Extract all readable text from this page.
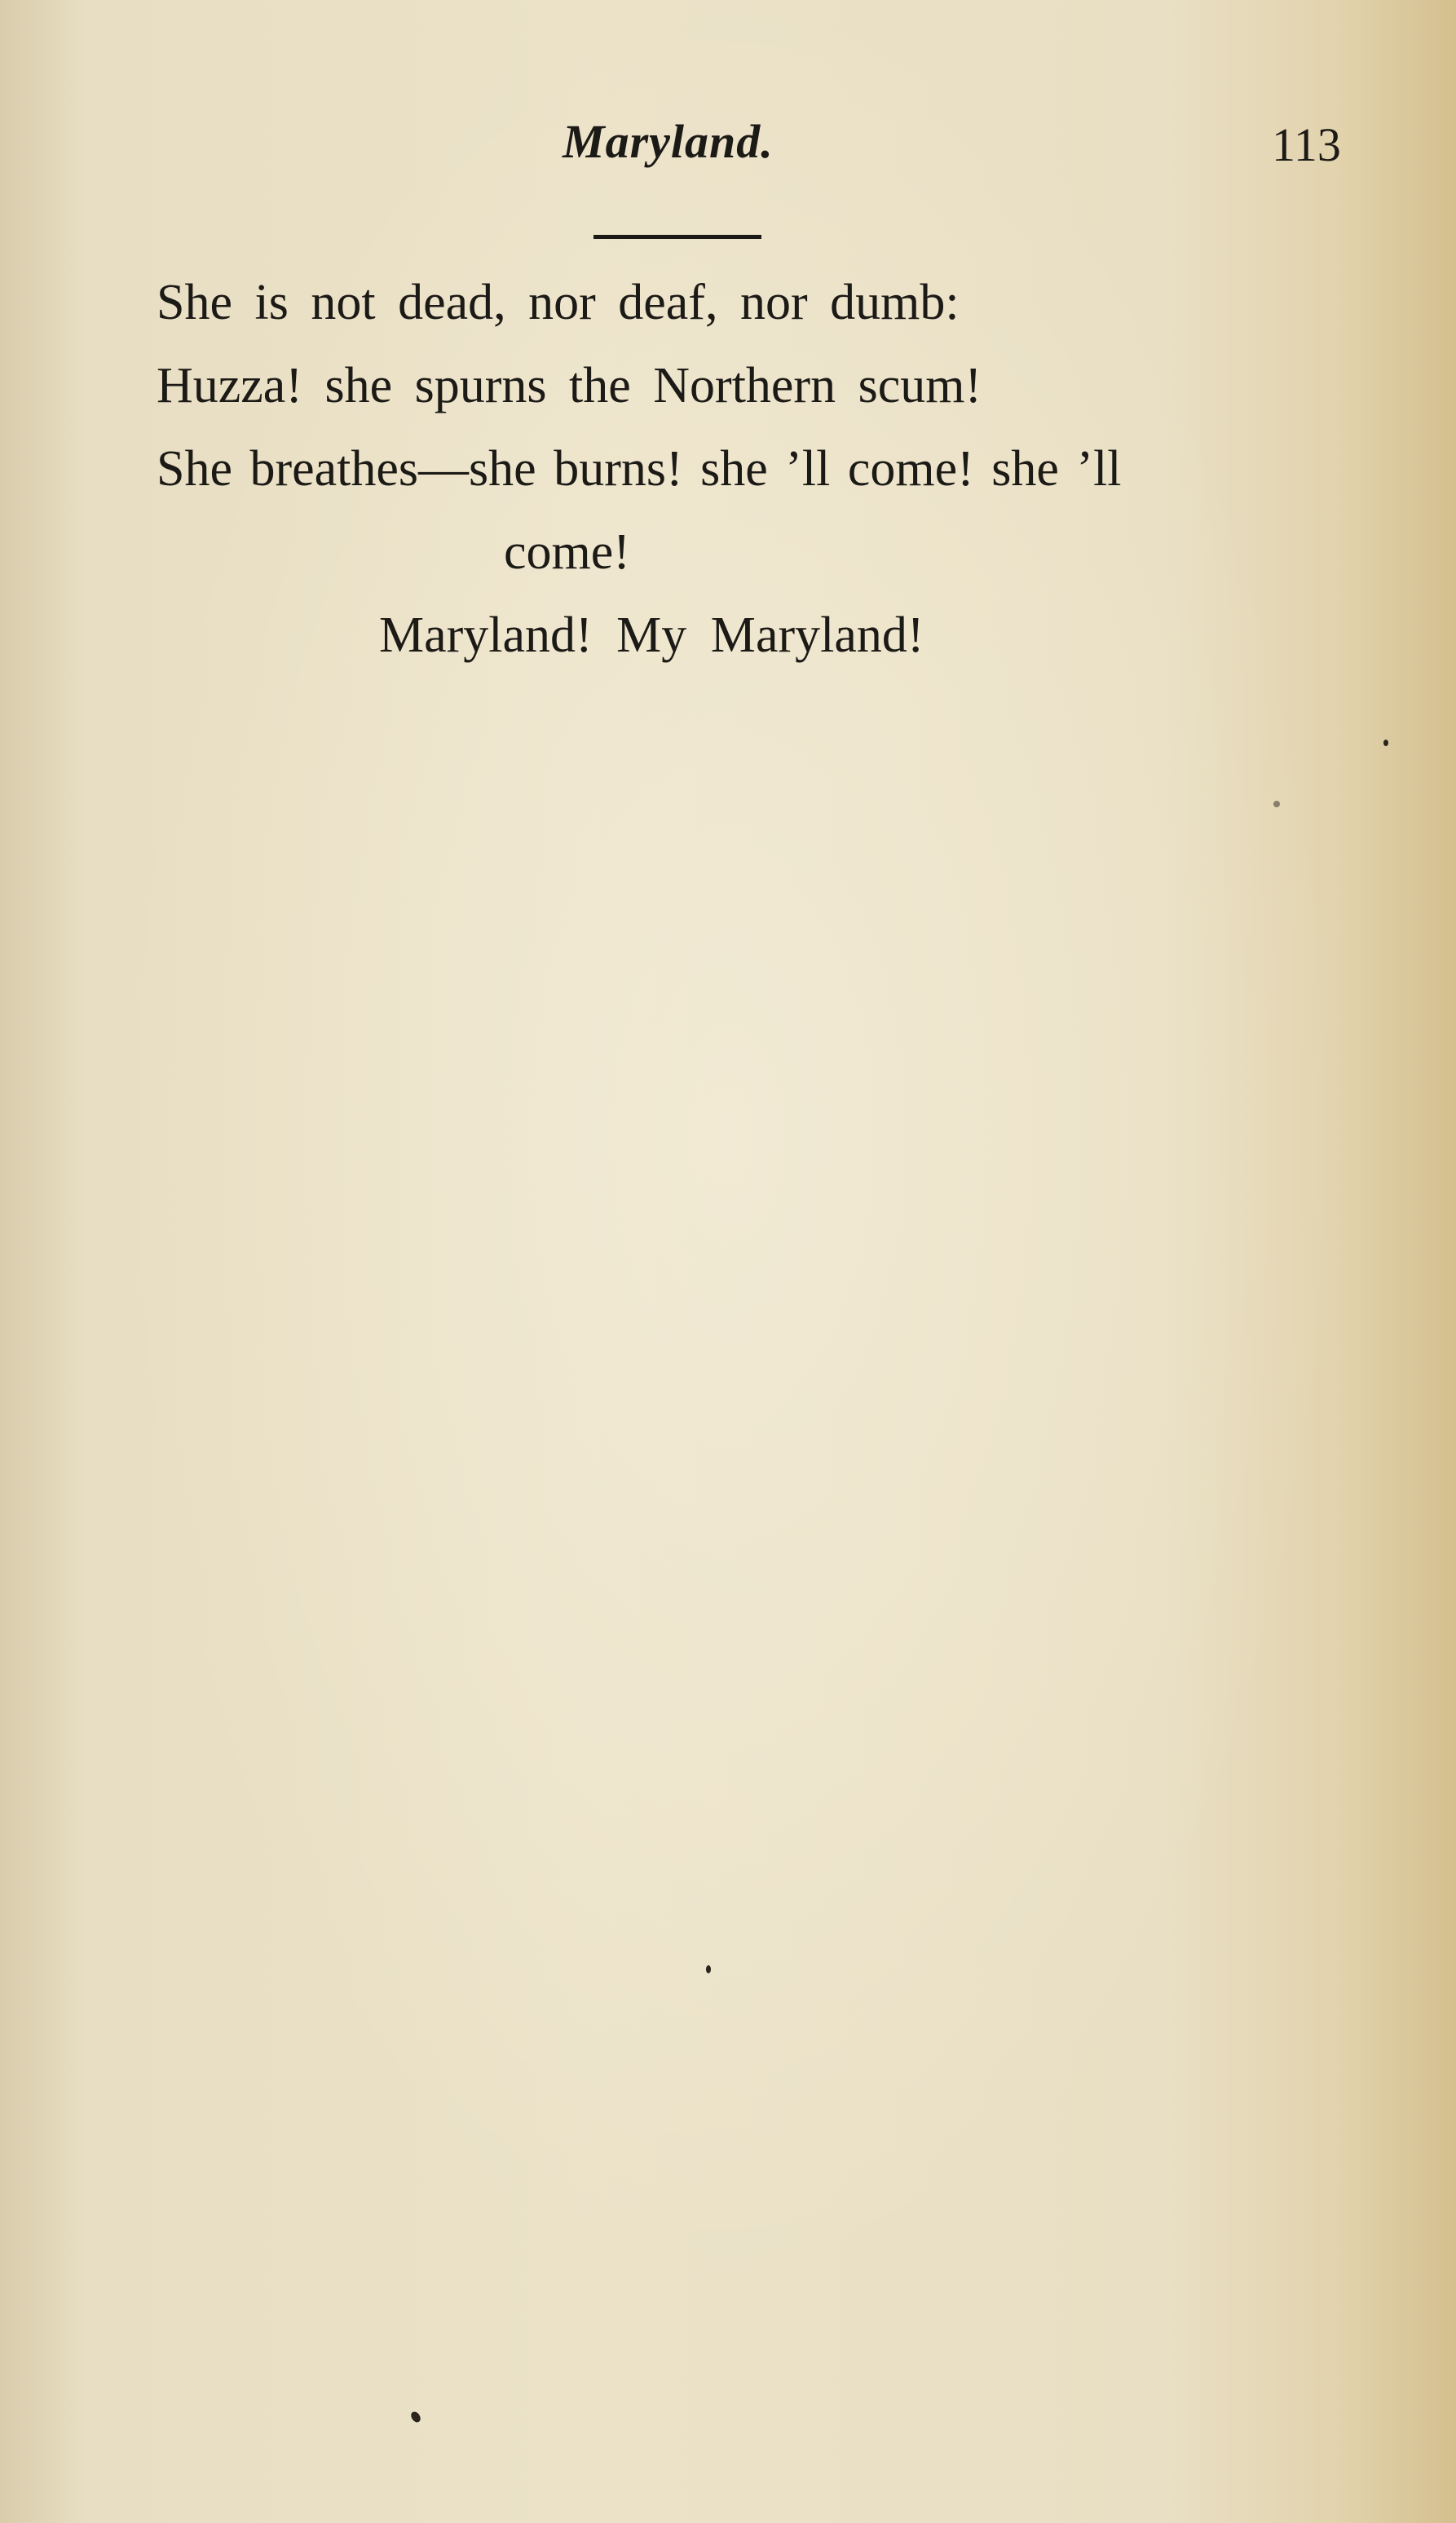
Maryland.	113
She is not dead, nor deaf, nor dumb:
Huzza! she spurns the Northern scum!
She breathes—she burns! she ’ll come! she ’ll
come!
Maryland! My Maryland!
